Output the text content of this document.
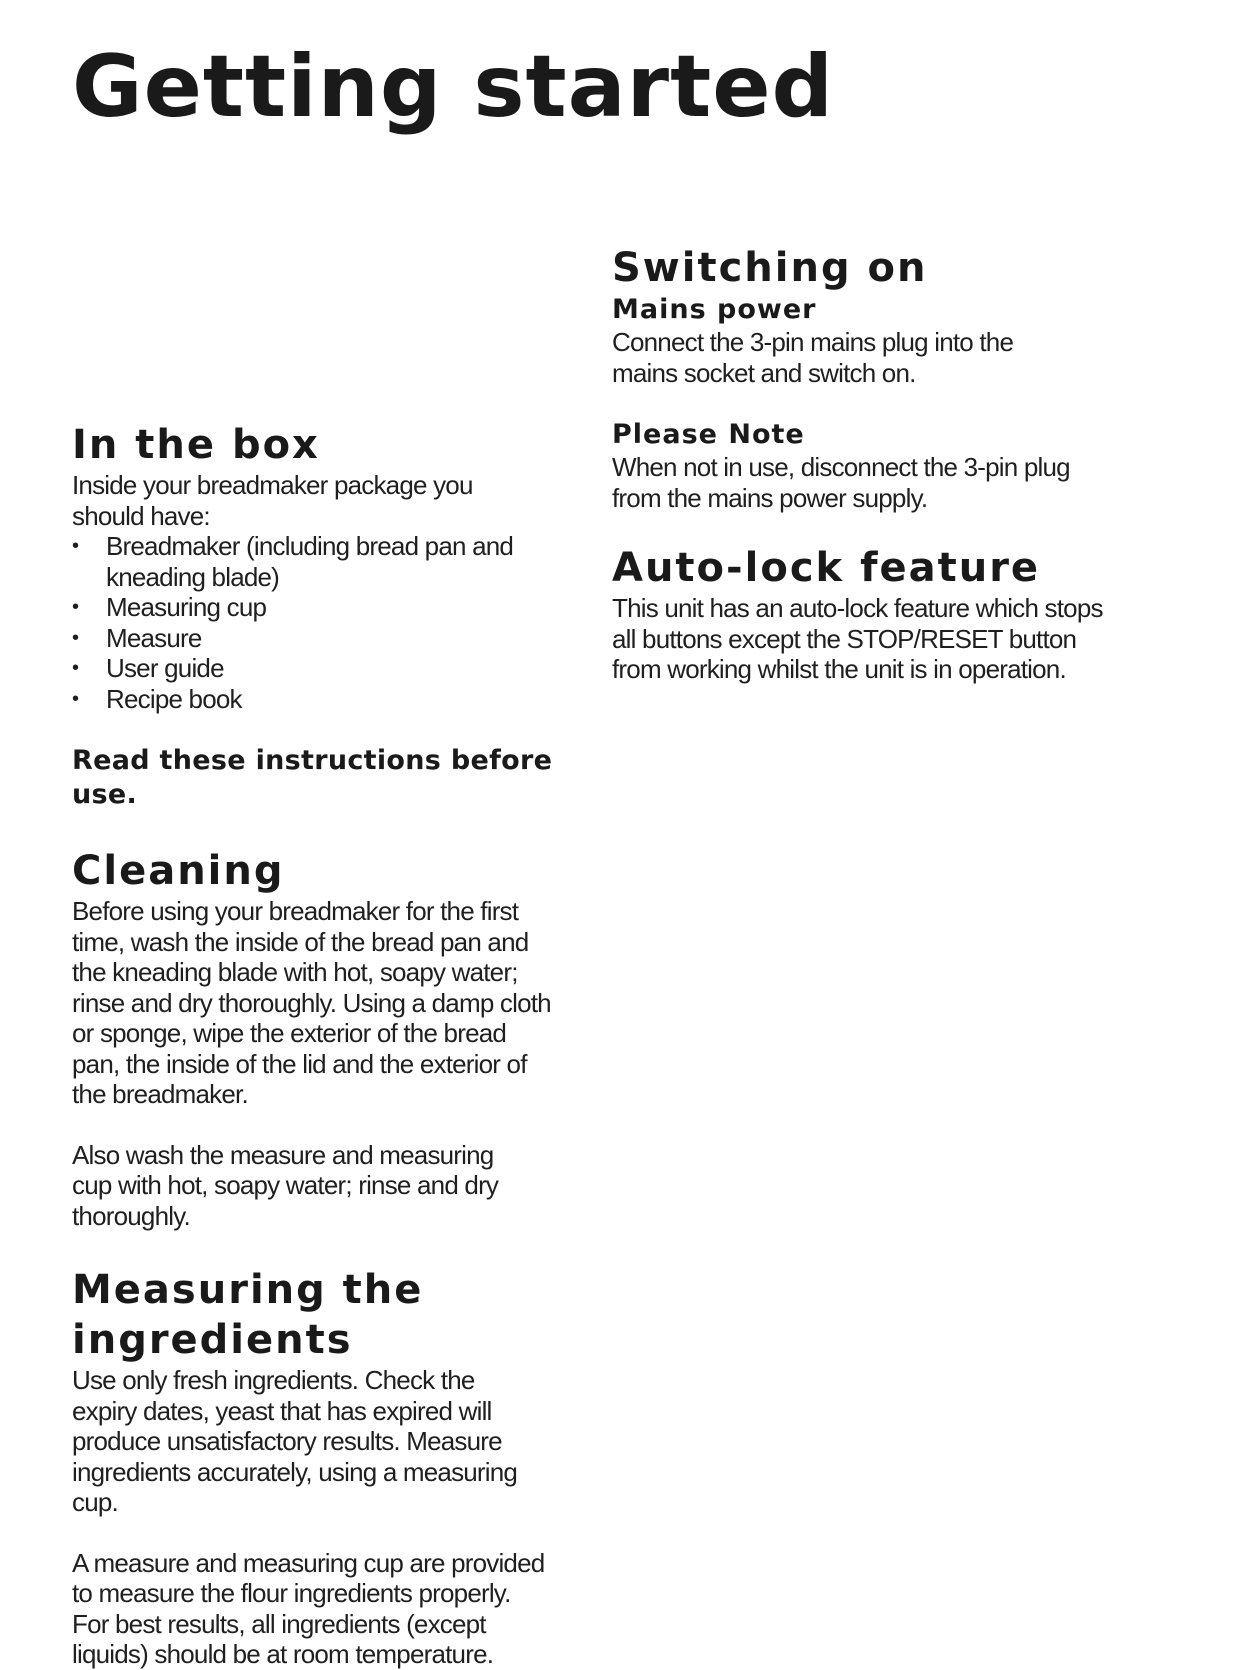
Getting started
In the box

Inside your breadmaker package you should have:

• Breadmaker (including bread pan and kneading blade)
• Measuring cup
• Measure
• User guide
• Recipe book
Read these instructions before use.
Cleaning

Before using your breadmaker for the first time, wash the inside of the bread pan and the kneading blade with hot, soapy water; rinse and dry thoroughly. Using a damp cloth or sponge, wipe the exterior of the bread pan, the inside of the lid and the exterior of the breadmaker.

Also wash the measure and measuring cup with hot, soapy water; rinse and dry thoroughly.

Measuring the ingredients

Use only fresh ingredients. Check the expiry dates, yeast that has expired will produce unsatisfactory results. Measure ingredients accurately, using a measuring cup.

A measure and measuring cup are provided to measure the flour ingredients properly. For best results, all ingredients (except liquids) should be at room temperature.

Switching on
Mains power

Connect the 3-pin mains plug into the mains socket and switch on.

Please Note

When not in use, disconnect the 3-pin plug from the mains power supply.

Auto-lock feature

This unit has an auto-lock feature which stops all buttons except the STOP/RESET button from working whilst the unit is in operation.
